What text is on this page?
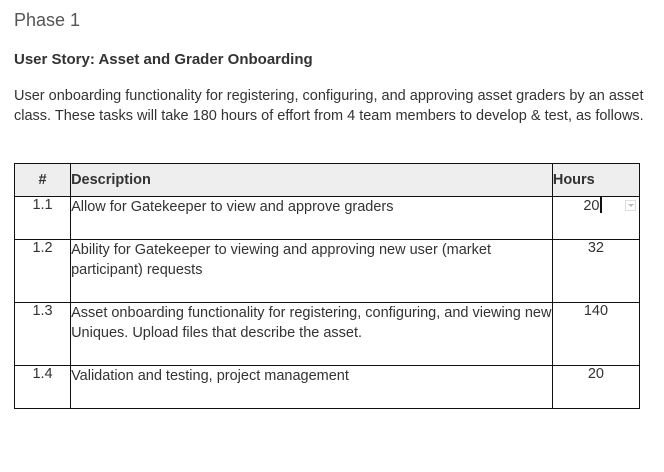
Phase 1
User Story: Asset and Grader Onboarding

User onboarding functionality for registering, configuring, and approving asset graders by an asset class. These tasks will take 180 hours of effort from 4 team members to develop & test, as follows.

#	Description	Hours
1.1	Allow for Gatekeeper to view and approve graders	20

1.2	Ability for Gatekeeper to viewing and approving new user (market participant) requests	32
1.3	Asset onboarding functionality for registering, configuring, and viewing new Uniques. Upload files that describe the asset.	140
1.4	Validation and testing, project management	20
